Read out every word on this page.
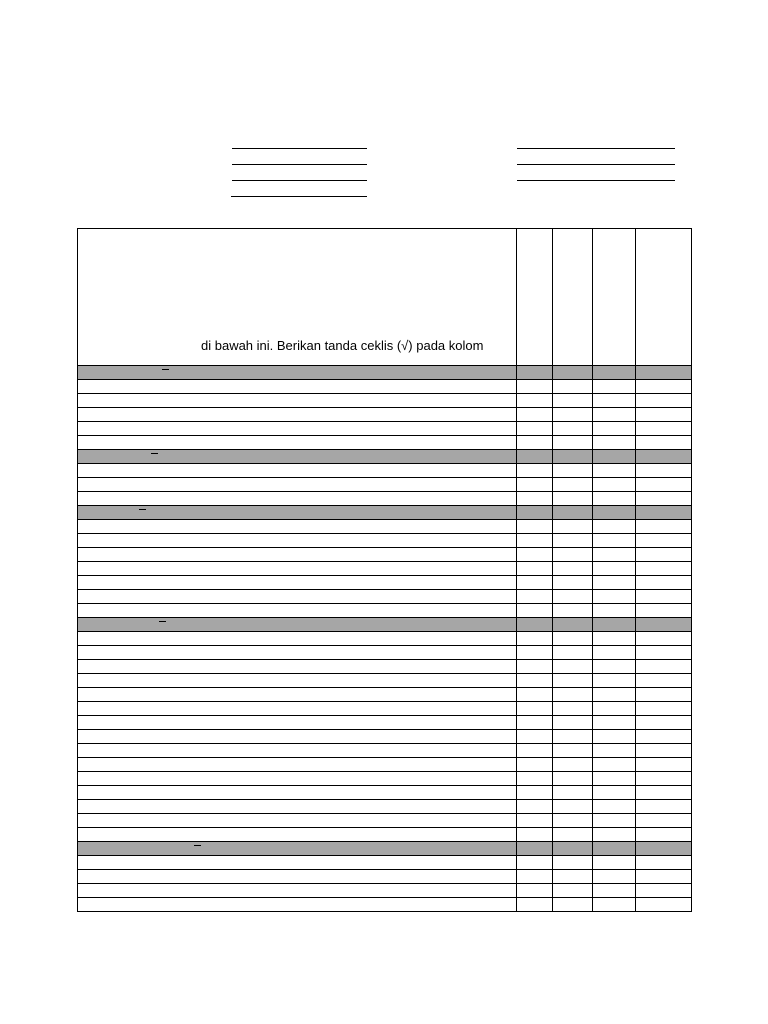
di bawah ini. Berikan tanda ceklis (√) pada kolom				
